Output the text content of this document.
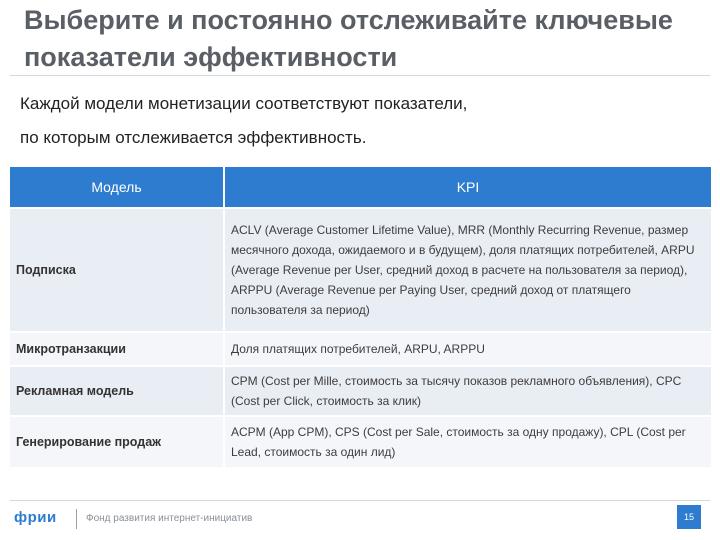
Выберите и постоянно отслеживайте ключевые показатели эффективности
Каждой модели монетизации соответствуют показатели,
по которым отслеживается эффективность.
Модель	KPI
Подписка	ACLV (Average Customer Lifetime Value), MRR (Monthly Recurring Revenue, размер месячного дохода, ожидаемого и в будущем), доля платящих потребителей, ARPU (Average Revenue per User, средний доход в расчете на пользователя за период), ARPPU (Average Revenue per Paying User, средний доход от платящего пользователя за период)
Микротранзакции	Доля платящих потребителей, ARPU, ARPPU
Рекламная модель	CPM (Cost per Mille, стоимость за тысячу показов рекламного объявления), CPC (Cost per Click, стоимость за клик)
Генерирование продаж	ACPM (App CPM), CPS (Cost per Sale, стоимость за одну продажу), CPL (Cost per Lead, стоимость за один лид)
фрии	Фонд развития интернет-инициатив	15
